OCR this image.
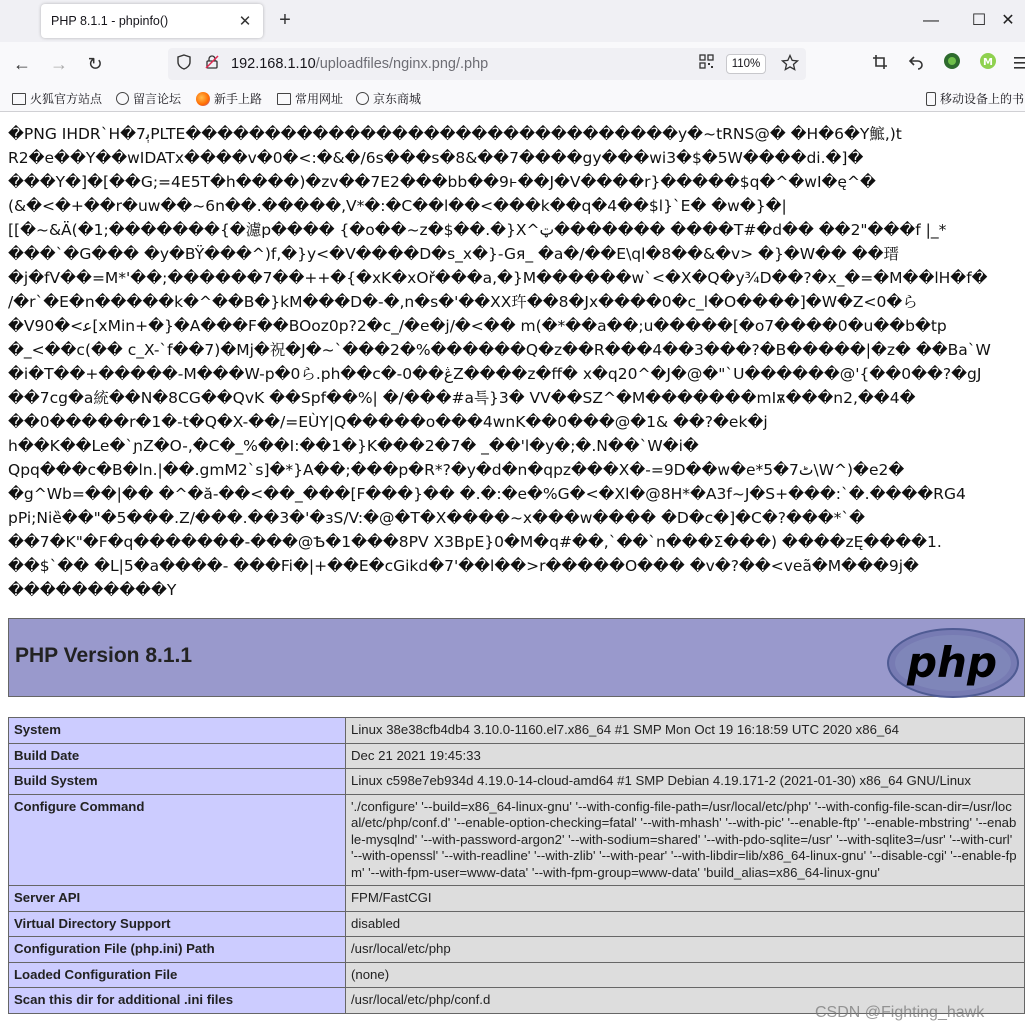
PHP 8.1.1 - phpinfo()	✕	+	—	☐ ✕
← →	↻	192.168.1.10/uploadfiles/nginx.png/.php	110%	M
火狐官方站点	留言论坛	新手上路	常用网址 京东商城	移动设备上的书
�PNG IHDR`H�7ﯦPLTE�������������������������������y�~tRNS@� �H�6�Y鯳,)t
R2�e��Y��wIDATx����v�0�<:�&�/6s���s�8&��7����gy���wi3�$�5W����di.�]�
���Y�]�[��G;=4E5T�h����)�zv��7E2���bb��9ⱶ��J�V����r}�����$q�^�wI�ę^�
(&�<�+��r�uw��~6n��.�����,V*�:�C��l��<���k��q�4��$l}`E� �w�}�|
[[�~&Ä(�1;�������{�濾p���� {�o��~z�$��.�}X^ټ������� ����T#�d�� ��2"���f |_*
���`�G��� �y�BŸ���^)f,�}y<�V����D�s_x�}-Gя_ �a�/��E\ql�8��&�v> �}�W�� ��瑨
�j�fV��=M*'��;������7��++�{�xK�xOř���a,�}M������w`<�X�Q�y¾D��?�x_�=�M��lH�f�
/�r`�E�n�����k�^��B�}kM���D�-�,n�s�'��XX玝��8�Jx����0�c_l�O����]�W�Z<0�ら
�V90�<ﻋ[xMin+�}�A���F��BOoz0p?2�c_/�e�j/�<�� m(�*��a��;u�����[�o7����0�u��b�tp
�_<��c(�� c_X-`f��7)�Mj�祝�J�~`���2�%������Q�z��R���4��3���?�B�����|�z� ��Ba`W
�i�T��+�����-M���W-p�0ら.ph��c�-0��ڠZ����z�ff� x�q20^�J�@�"`U������@'{��0��?�gJ
��7cg�a統��N�8CG��QvK ��Spf��%| �/���#a특}3� VV��SZ^�M�������mIѫ���n2,��4�
��0�����r�1�-t�Q�X-��/=EÙY|Q�����o���4wnK��0���@�1& ��?�ek�j
h��K��Le�`ɲZ�O-,�C�_%��I:��1�}K���2�7� _��'l�y�;�.N��`W�i�
Qpq���c�B�ln.|��.gmM2`s]�*}A��;���p�R*?�y�d�n�qpz���X�-=9D��w�e*5�7ٹ\W^)�e2�
�g^Wb=��|�� �^�ă-��<��_���[F���}�� �.�:�e�%G�<�Xl�@8H*�A3f~J�S+���:`�.����RG4
pPi;Niȅ��"�5���.Z/���.��3�'�зS/V:�@�T�X����~x���w���� �D�c�]�C�?���*`�
��7�K"�F�q�������-���@Ѣ�1���8PV X3BpE}0�M�q#��,`��`n���Σ���) ����zĘ����1.
��$`�� �L|5�a����- ���Fi�|+��E�cGikd�7'��l��>r�����O��� �v�?��<veã�M���9j�
����������Y
PHP Version 8.1.1	php
System	Linux 38e38cfb4db4 3.10.0-1160.el7.x86_64 #1 SMP Mon Oct 19 16:18:59 UTC 2020 x86_64
Build Date	Dec 21 2021 19:45:33
Build System	Linux c598e7eb934d 4.19.0-14-cloud-amd64 #1 SMP Debian 4.19.171-2 (2021-01-30) x86_64 GNU/Linux
Configure Command	'./configure' '--build=x86_64-linux-gnu' '--with-config-file-path=/usr/local/etc/php' '--with-config-file-scan-dir=/usr/local/etc/php/conf.d' '--enable-option-checking=fatal' '--with-mhash' '--with-pic' '--enable-ftp' '--enable-mbstring' '--enable-mysqlnd' '--with-password-argon2' '--with-sodium=shared' '--with-pdo-sqlite=/usr' '--with-sqlite3=/usr' '--with-curl' '--with-openssl' '--with-readline' '--with-zlib' '--with-pear' '--with-libdir=lib/x86_64-linux-gnu' '--disable-cgi' '--enable-fpm' '--with-fpm-user=www-data' '--with-fpm-group=www-data' 'build_alias=x86_64-linux-gnu'
Server API	FPM/FastCGI
Virtual Directory Support	disabled
Configuration File (php.ini) Path	/usr/local/etc/php
Loaded Configuration File	(none)
Scan this dir for additional .ini files	/usr/local/etc/php/conf.d
CSDN @Fighting_hawk
